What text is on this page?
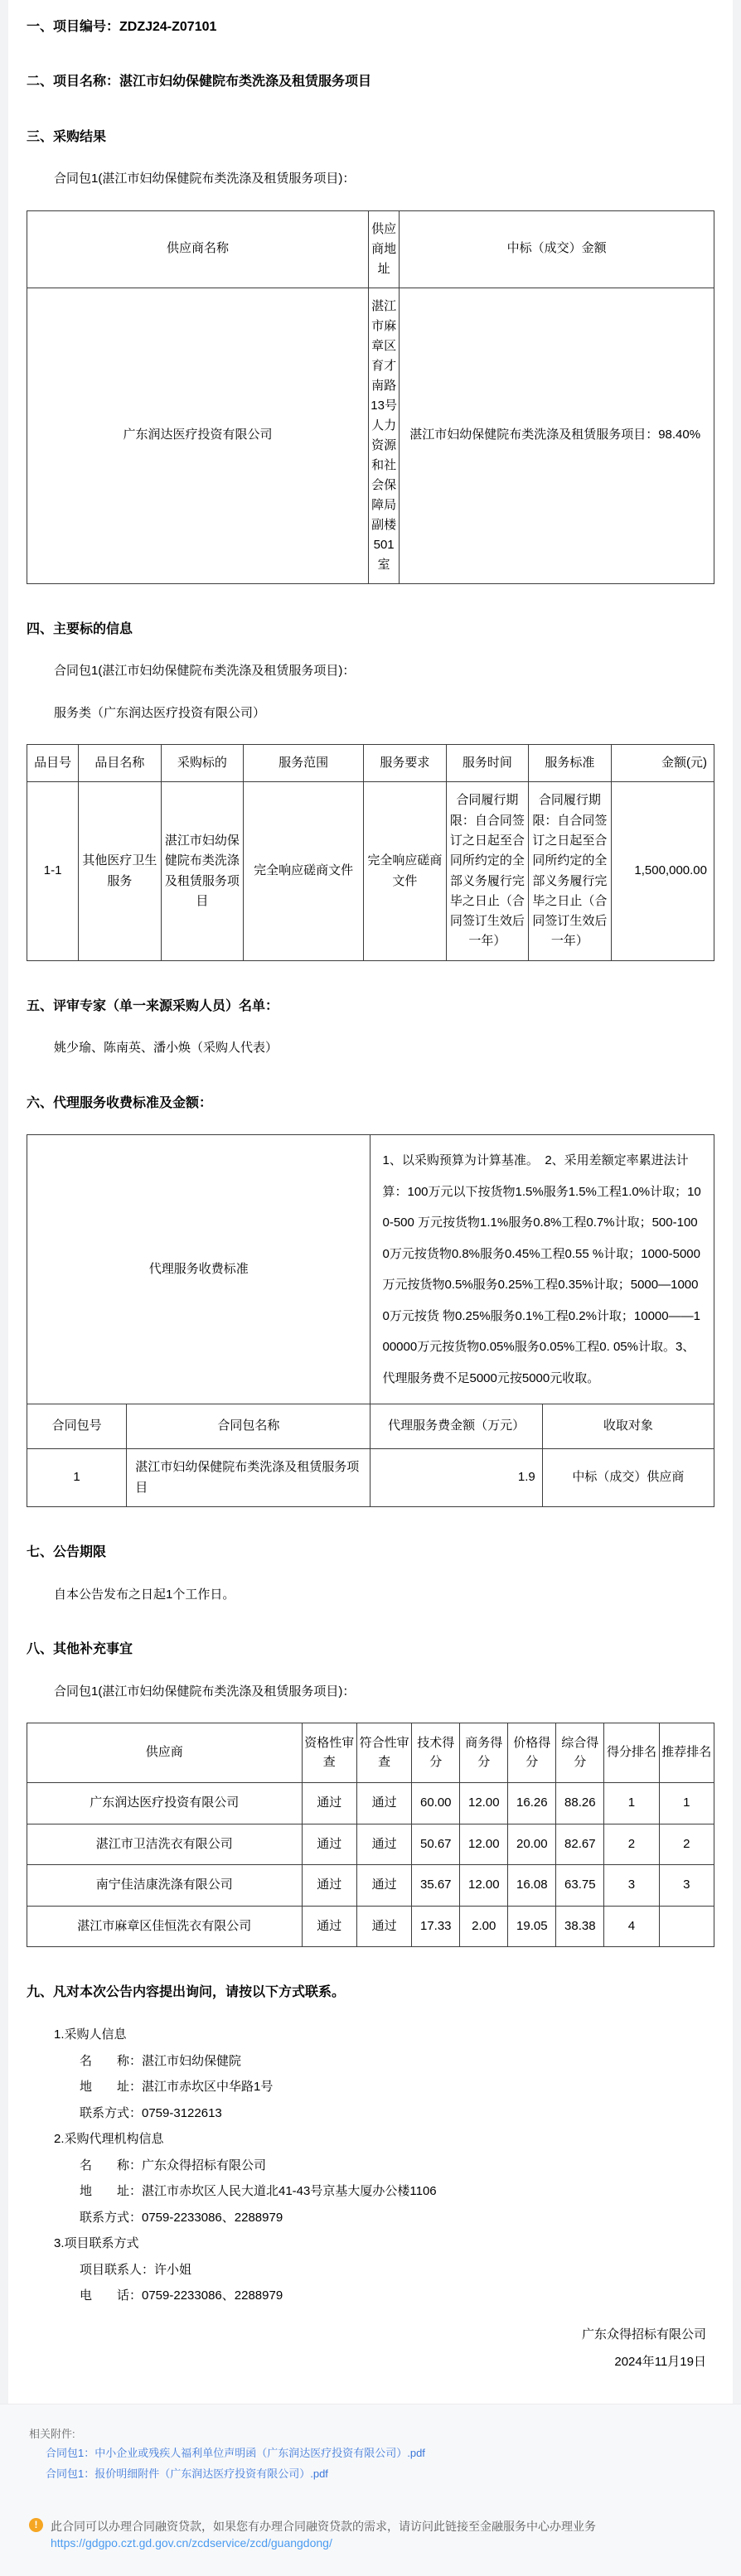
一、项目编号：ZDZJ24-Z07101

二、项目名称：湛江市妇幼保健院布类洗涤及租赁服务项目

三、采购结果

合同包1(湛江市妇幼保健院布类洗涤及租赁服务项目)：

供应商名称	供应商地址	中标（成交）金额
广东润达医疗投资有限公司	湛江市麻章区育才南路13号人力资源和社会保障局副楼501室	湛江市妇幼保健院布类洗涤及租赁服务项目：98.40%

四、主要标的信息

合同包1(湛江市妇幼保健院布类洗涤及租赁服务项目)：

服务类（广东润达医疗投资有限公司）

品目号	品目名称	采购标的	服务范围	服务要求	服务时间	服务标准	金额(元)
1-1	其他医疗卫生服务	湛江市妇幼保健院布类洗涤及租赁服务项目	完全响应磋商文件	完全响应磋商文件	合同履行期限：自合同签订之日起至合同所约定的全部义务履行完毕之日止（合同签订生效后一年）	合同履行期限：自合同签订之日起至合同所约定的全部义务履行完毕之日止（合同签订生效后一年）	1,500,000.00

五、评审专家（单一来源采购人员）名单：

姚少瑜、陈南英、潘小焕（采购人代表）

六、代理服务收费标准及金额：

代理服务收费标准		1、以采购预算为计算基准。　2、采用差额定率累进法计算：100万元以下按货物1.5%服务1.5%工程1.0%计取；100-500 万元按货物1.1%服务0.8%工程0.7%计取；500-1000万元按货物0.8%服务0.45%工程0.55 %计取；1000-5000万元按货物0.5%服务0.25%工程0.35%计取；5000—10000万元按货 物0.25%服务0.1%工程0.2%计取；10000——100000万元按货物0.05%服务0.05%工程0. 05%计取。3、代理服务费不足5000元按5000元收取。	
合同包号	合同包名称	代理服务费金额（万元）	收取对象
1	湛江市妇幼保健院布类洗涤及租赁服务项目	1.9	中标（成交）供应商

七、公告期限

自本公告发布之日起1个工作日。

八、其他补充事宜

合同包1(湛江市妇幼保健院布类洗涤及租赁服务项目)：

供应商	资格性审查	符合性审查	技术得分	商务得分	价格得分	综合得分	得分排名	推荐排名
广东润达医疗投资有限公司	通过	通过	60.00	12.00	16.26	88.26	1	1
湛江市卫洁洗衣有限公司	通过	通过	50.67	12.00	20.00	82.67	2	2
南宁佳洁康洗涤有限公司	通过	通过	35.67	12.00	16.08	63.75	3	3
湛江市麻章区佳恒洗衣有限公司	通过	通过	17.33	2.00	19.05	38.38	4	

九、凡对本次公告内容提出询问，请按以下方式联系。

1.采购人信息

名　　称：湛江市妇幼保健院

地　　址：湛江市赤坎区中华路1号

联系方式：0759-3122613

2.采购代理机构信息

名　　称：广东众得招标有限公司

地　　址：湛江市赤坎区人民大道北41-43号京基大厦办公楼1106

联系方式：0759-2233086、2288979

3.项目联系方式

项目联系人：许小姐

电　　话：0759-2233086、2288979

广东众得招标有限公司

2024年11月19日

相关附件:
合同包1：中小企业或残疾人福利单位声明函（广东润达医疗投资有限公司）.pdf
合同包1：报价明细附件（广东润达医疗投资有限公司）.pdf
!	此合同可以办理合同融资贷款，如果您有办理合同融资贷款的需求，请访问此链接至金融服务中心办理业务

https://gdgpo.czt.gd.gov.cn/zcdservice/zcd/guangdong/
